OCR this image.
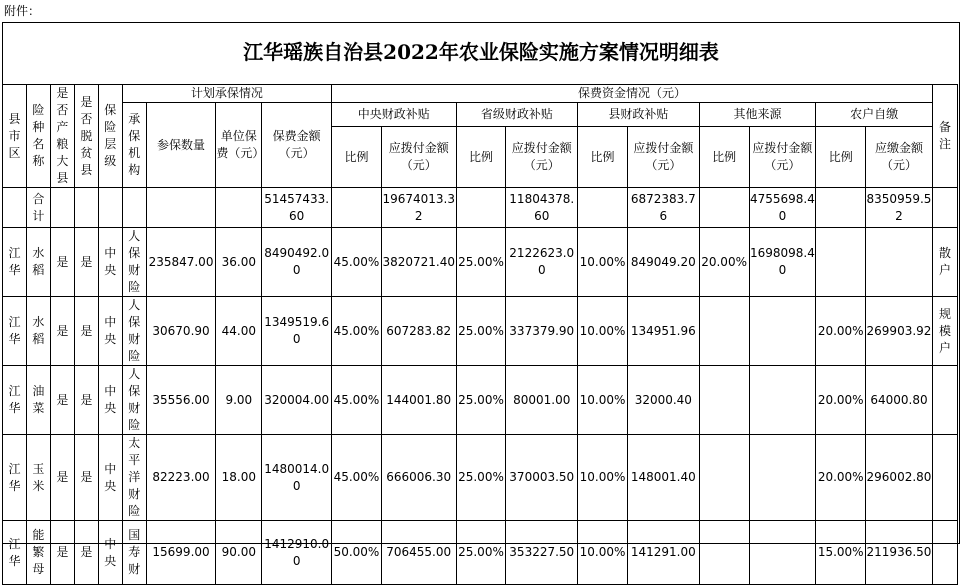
附件：
江华瑶族自治县2022年农业保险实施方案情况明细表
县市区	险种名称	是否产粮大县	是否脱贫县	保险层级	计划承保情况				保费资金情况（元）										备注
					承保机构	参保数量	单位保费（元）	保费金额（元）	中央财政补贴		省级财政补贴		县财政补贴		其他来源		农户自缴		
									比例	应拨付金额（元）	比例	应拨付金额（元）	比例	应拨付金额（元）	比例	应拨付金额（元）	比例	应缴金额（元）	
	合计							51457433.60		19674013.32		11804378.60		6872383.76		4755698.40		8350959.52	
江华	水稻	是	是	中央	人保财险	235847.00	36.00	8490492.00	45.00%	3820721.40	25.00%	2122623.00	10.00%	849049.20	20.00%	1698098.40			散户
江华	水稻	是	是	中央	人保财险	30670.90	44.00	1349519.60	45.00%	607283.82	25.00%	337379.90	10.00%	134951.96			20.00%	269903.92	规模户
江华	油菜	是	是	中央	人保财险	35556.00	9.00	320004.00	45.00%	144001.80	25.00%	80001.00	10.00%	32000.40			20.00%	64000.80	
江华	玉米	是	是	中央	太平洋财险	82223.00	18.00	1480014.00	45.00%	666006.30	25.00%	370003.50	10.00%	148001.40			20.00%	296002.80	
江华	能繁母	是	是	中央	国寿财	15699.00	90.00	1412910.00	50.00%	706455.00	25.00%	353227.50	10.00%	141291.00			15.00%	211936.50	
